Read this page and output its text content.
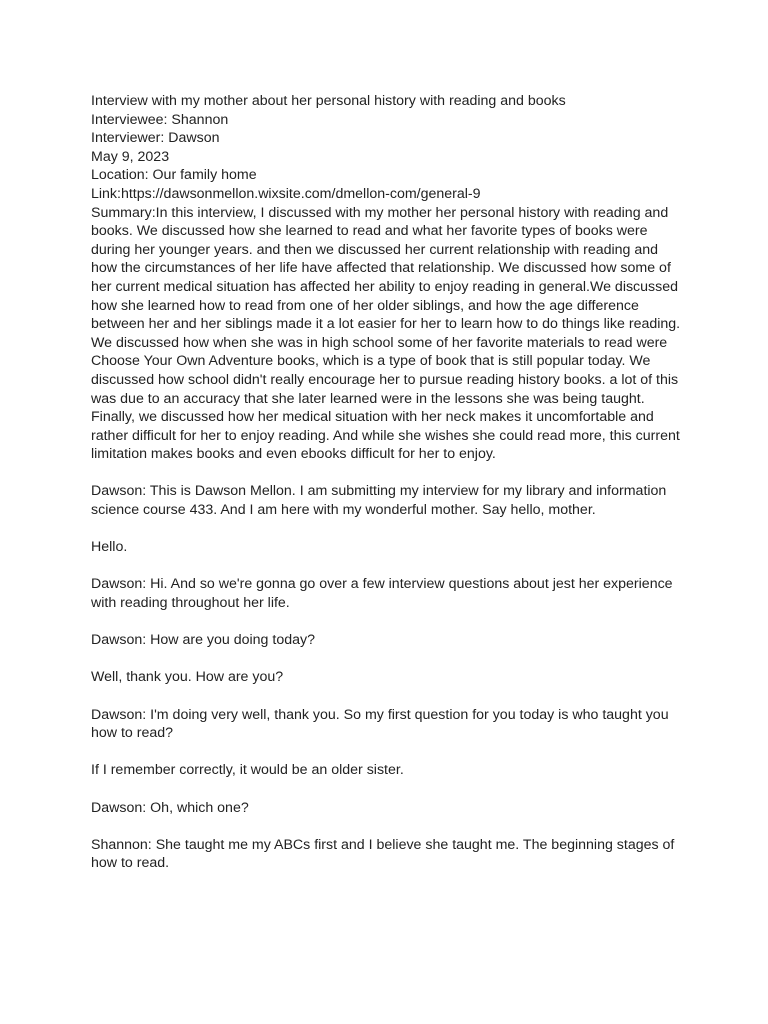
Interview with my mother about her personal history with reading and books

Interviewee: Shannon

Interviewer: Dawson

May 9, 2023

Location: Our family home

Link:https://dawsonmellon.wixsite.com/dmellon-com/general-9

Summary:In this interview, I discussed with my mother her personal history with reading and books. We discussed how she learned to read and what her favorite types of books were during her younger years. and then we discussed her current relationship with reading and how the circumstances of her life have affected that relationship. We discussed how some of her current medical situation has affected her ability to enjoy reading in general.We discussed how she learned how to read from one of her older siblings, and how the age difference between her and her siblings made it a lot easier for her to learn how to do things like reading. We discussed how when she was in high school some of her favorite materials to read were Choose Your Own Adventure books, which is a type of book that is still popular today. We discussed how school didn't really encourage her to pursue reading history books. a lot of this was due to an accuracy that she later learned were in the lessons she was being taught. Finally, we discussed how her medical situation with her neck makes it uncomfortable and rather difficult for her to enjoy reading. And while she wishes she could read more, this current limitation makes books and even ebooks difficult for her to enjoy.

Dawson: This is Dawson Mellon. I am submitting my interview for my library and information science course 433. And I am here with my wonderful mother. Say hello, mother.

Hello.

Dawson: Hi. And so we're gonna go over a few interview questions about jest her experience with reading throughout her life.

Dawson: How are you doing today?

Well, thank you. How are you?

Dawson: I'm doing very well, thank you. So my first question for you today is who taught you how to read?

If I remember correctly, it would be an older sister.

Dawson: Oh, which one?

Shannon: She taught me my ABCs first and I believe she taught me. The beginning stages of how to read.
